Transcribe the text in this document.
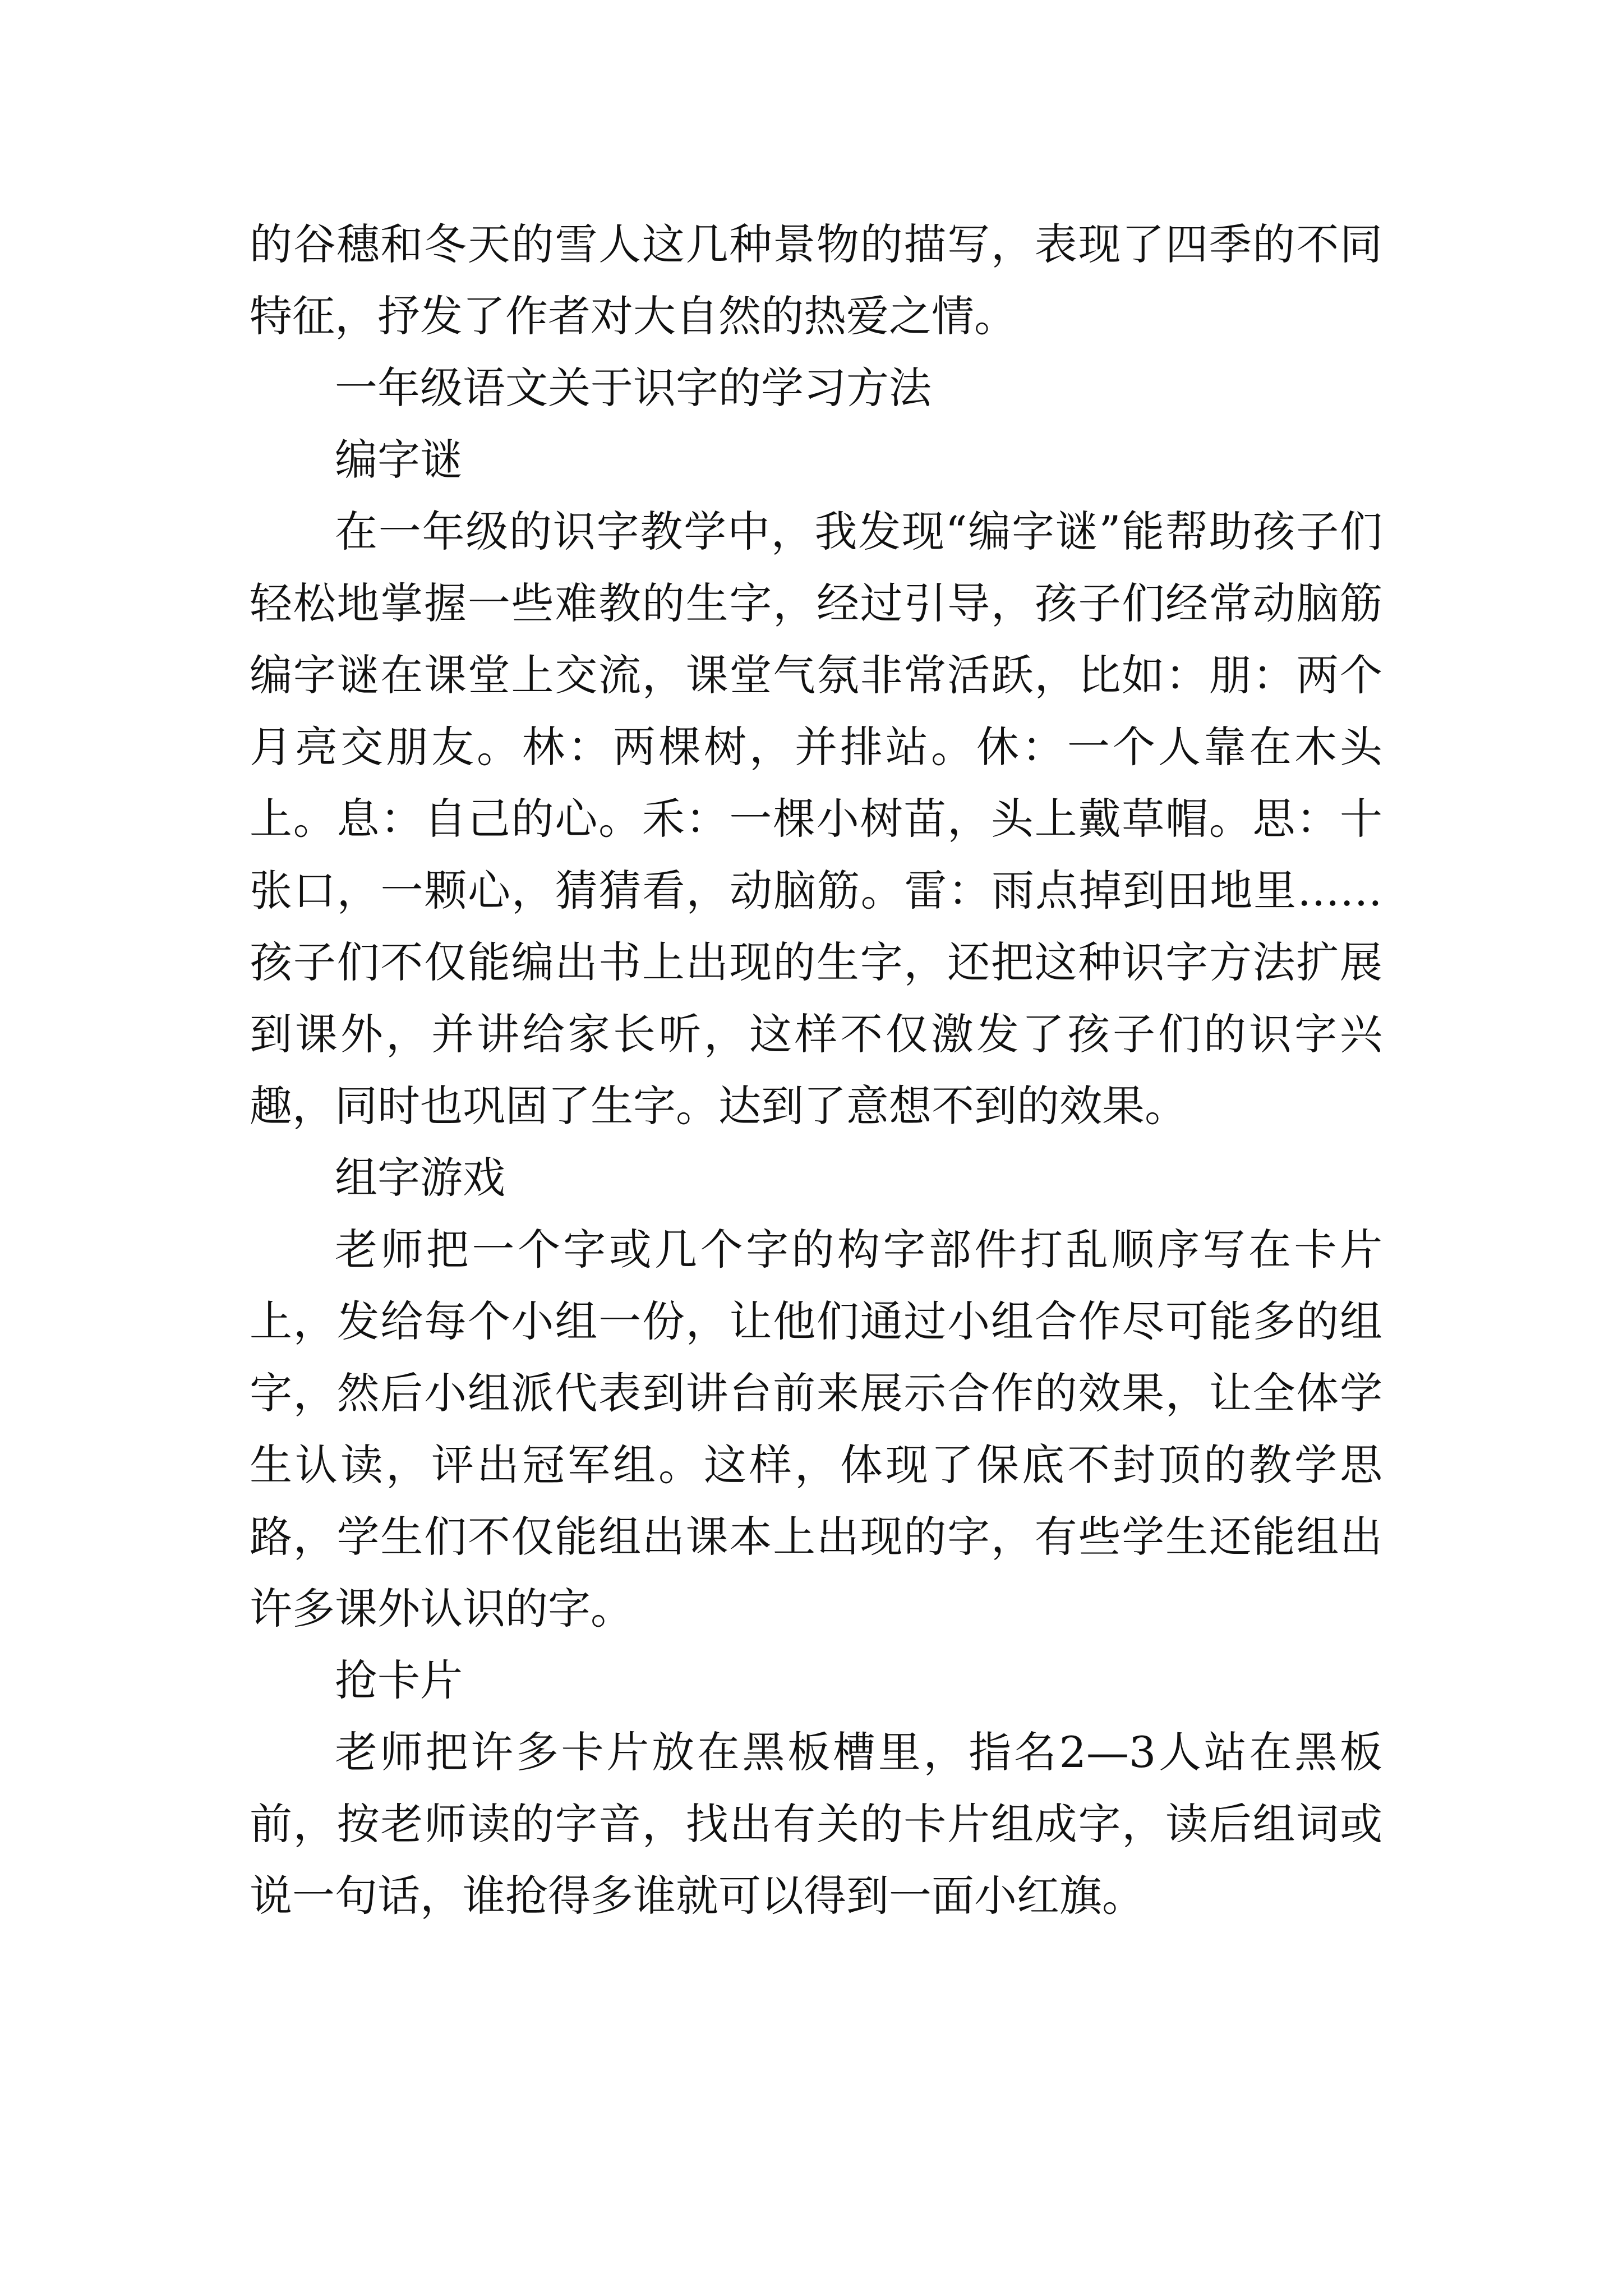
的谷穗和冬天的雪人这几种景物的描写，表现了四季的不同特征，抒发了作者对大自然的热爱之情。

一年级语文关于识字的学习方法

编字谜

在一年级的识字教学中，我发现“编字谜”能帮助孩子们轻松地掌握一些难教的生字，经过引导，孩子们经常动脑筋编字谜在课堂上交流，课堂气氛非常活跃，比如：朋：两个月亮交朋友。林：两棵树，并排站。休：一个人靠在木头上。息：自己的心。禾：一棵小树苗，头上戴草帽。思：十张口，一颗心，猜猜看，动脑筋。雷：雨点掉到田地里……孩子们不仅能编出书上出现的生字，还把这种识字方法扩展到课外，并讲给家长听，这样不仅激发了孩子们的识字兴趣，同时也巩固了生字。达到了意想不到的效果。

组字游戏

老师把一个字或几个字的构字部件打乱顺序写在卡片上，发给每个小组一份，让他们通过小组合作尽可能多的组字，然后小组派代表到讲台前来展示合作的效果，让全体学生认读，评出冠军组。这样，体现了保底不封顶的教学思路，学生们不仅能组出课本上出现的字，有些学生还能组出许多课外认识的字。

抢卡片

老师把许多卡片放在黑板槽里，指名2—3人站在黑板前，按老师读的字音，找出有关的卡片组成字，读后组词或说一句话，谁抢得多谁就可以得到一面小红旗。
